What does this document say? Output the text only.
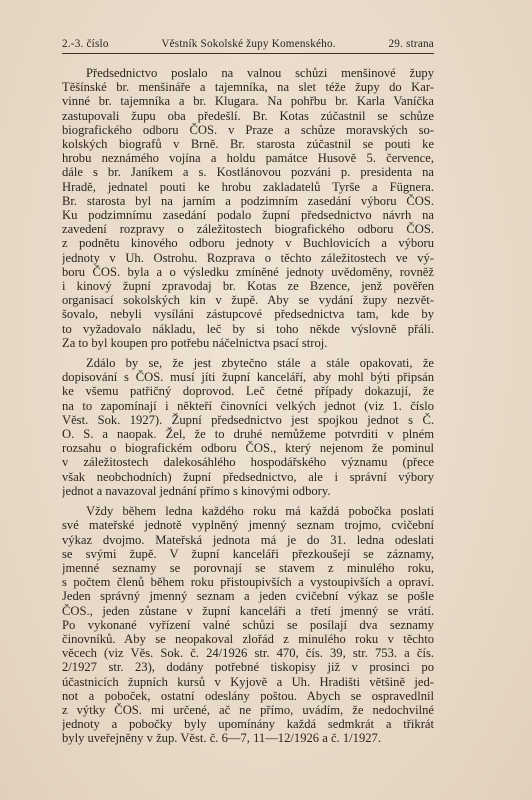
2.-3. číslo	Věstník Sokolské župy Komenského.	29. strana
Předsednictvo poslalo na valnou schůzi menšinové župy
Těšínské br. menšináře a tajemníka, na slet téže župy do Kar-
vinné br. tajemníka a br. Klugara. Na pohřbu br. Karla Vaníčka
zastupovali župu oba předešlí. Br. Kotas zúčastnil se schůze
biografického odboru ČOS. v Praze a schůze moravských so-
kolských biografů v Brně. Br. starosta zúčastnil se pouti ke
hrobu neznámého vojína a holdu památce Husově 5. července,
dále s br. Janíkem a s. Kostlánovou pozváni p. presidenta na
Hradě, jednatel pouti ke hrobu zakladatelů Tyrše a Fügnera.
Br. starosta byl na jarním a podzimním zasedání výboru ČOS.
Ku podzimnímu zasedání podalo župní předsednictvo návrh na
zavedení rozpravy o záležitostech biografického odboru ČOS.
z podnětu kinového odboru jednoty v Buchlovicích a výboru
jednoty v Uh. Ostrohu. Rozprava o těchto záležitostech ve vý-
boru ČOS. byla a o výsledku zmíněné jednoty uvědoměny, rovněž
i kinový župní zpravodaj br. Kotas ze Bzence, jenž pověřen
organisací sokolských kin v župě. Aby se vydání župy nezvět-
šovalo, nebyli vysíláni zástupcové předsednictva tam, kde by
to vyžadovalo nákladu, leč by si toho někde výslovně přáli.
Za to byl koupen pro potřebu náčelnictva psací stroj.
Zdálo by se, že jest zbytečno stále a stále opakovati, že
dopisování s ČOS. musí jíti župní kanceláří, aby mohl býti připsán
ke všemu patřičný doprovod. Leč četné případy dokazují, že
na to zapomínají i někteří činovníci velkých jednot (viz 1. číslo
Věst. Sok. 1927). Župní předsednictvo jest spojkou jednot s Č.
O. S. a naopak. Žel, že to druhé nemůžeme potvrditi v plném
rozsahu o biografickém odboru ČOS., který nejenom že pominul
v záležitostech dalekosáhlého hospodářského významu (přece
však neobchodních) župní předsednictvo, ale i správní výbory
jednot a navazoval jednání přímo s kinovými odbory.
Vždy během ledna každého roku má každá pobočka poslati
své mateřské jednotě vyplněný jmenný seznam trojmo, cvičební
výkaz dvojmo. Mateřská jednota má je do 31. ledna odeslati
se svými župě. V župní kanceláři přezkoušejí se záznamy,
jmenné seznamy se porovnají se stavem z minulého roku,
s počtem členů během roku přistoupivších a vystoupivších a opraví.
Jeden správný jmenný seznam a jeden cvičební výkaz se pošle
ČOS., jeden zůstane v župní kanceláři a třetí jmenný se vrátí.
Po vykonané vyřízení valné schůzi se posílají dva seznamy
činovníků. Aby se neopakoval zlořád z minulého roku v těchto
věcech (viz Věs. Sok. č. 24/1926 str. 470, čís. 39, str. 753. a čís.
2/1927 str. 23), dodány potřebné tiskopisy již v prosinci po
účastnicích župních kursů v Kyjově a Uh. Hradišti většině jed-
not a poboček, ostatní odeslány poštou. Abych se ospravedlnil
z výtky ČOS. mi určené, ač ne přímo, uvádím, že nedochvilné
jednoty a pobočky byly upomínány každá sedmkrát a třikrát
byly uveřejněny v žup. Věst. č. 6—7, 11—12/1926 a č. 1/1927.
